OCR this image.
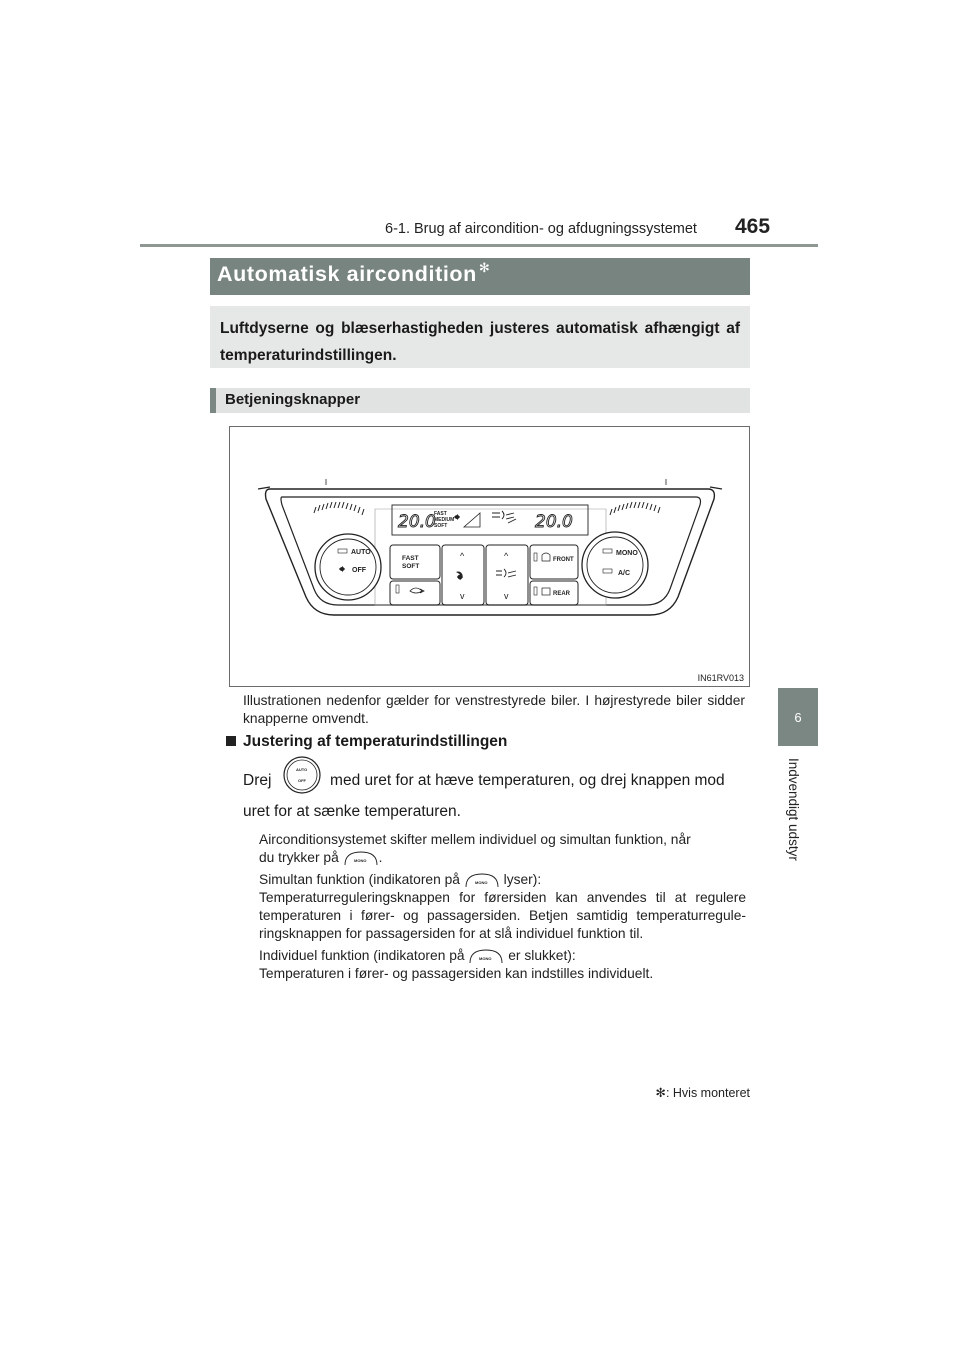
6-1. Brug af aircondition- og afdugningssystemet 465
6
Indvendigt udstyr
Automatisk aircondition ✻
Luftdyserne og blæserhastigheden justeres automatisk afhængigt af temperaturindstillingen.
Betjeningsknapper
20.0
FAST
MEDIUM
SOFT	20.0
AUTO
OFF
MONO
A/C
FAST
SOFT
^
v
^
v
FRONT
REAR
IN61RV013
Illustrationen nedenfor gælder for venstrestyrede biler. I højrestyrede biler sidder knapperne omvendt.
Justering af temperaturindstillingen
Drej
AUTO
OFF med uret for at hæve temperaturen, og drej knappen mod
uret for at sænke temperaturen.
Airconditionsystemet skifter mellem individuel og simultan funktion, når
du trykker på	MONO .
Simultan funktion (indikatoren på	MONO lyser):
Temperaturreguleringsknappen for førersiden kan anvendes til at regulere temperaturen i fører- og passagersiden. Betjen samtidig temperaturregule-ringsknappen for passagersiden for at slå individuel funktion til.
Individuel funktion (indikatoren på	MONO er slukket):
Temperaturen i fører- og passagersiden kan indstilles individuelt.
✻: Hvis monteret
